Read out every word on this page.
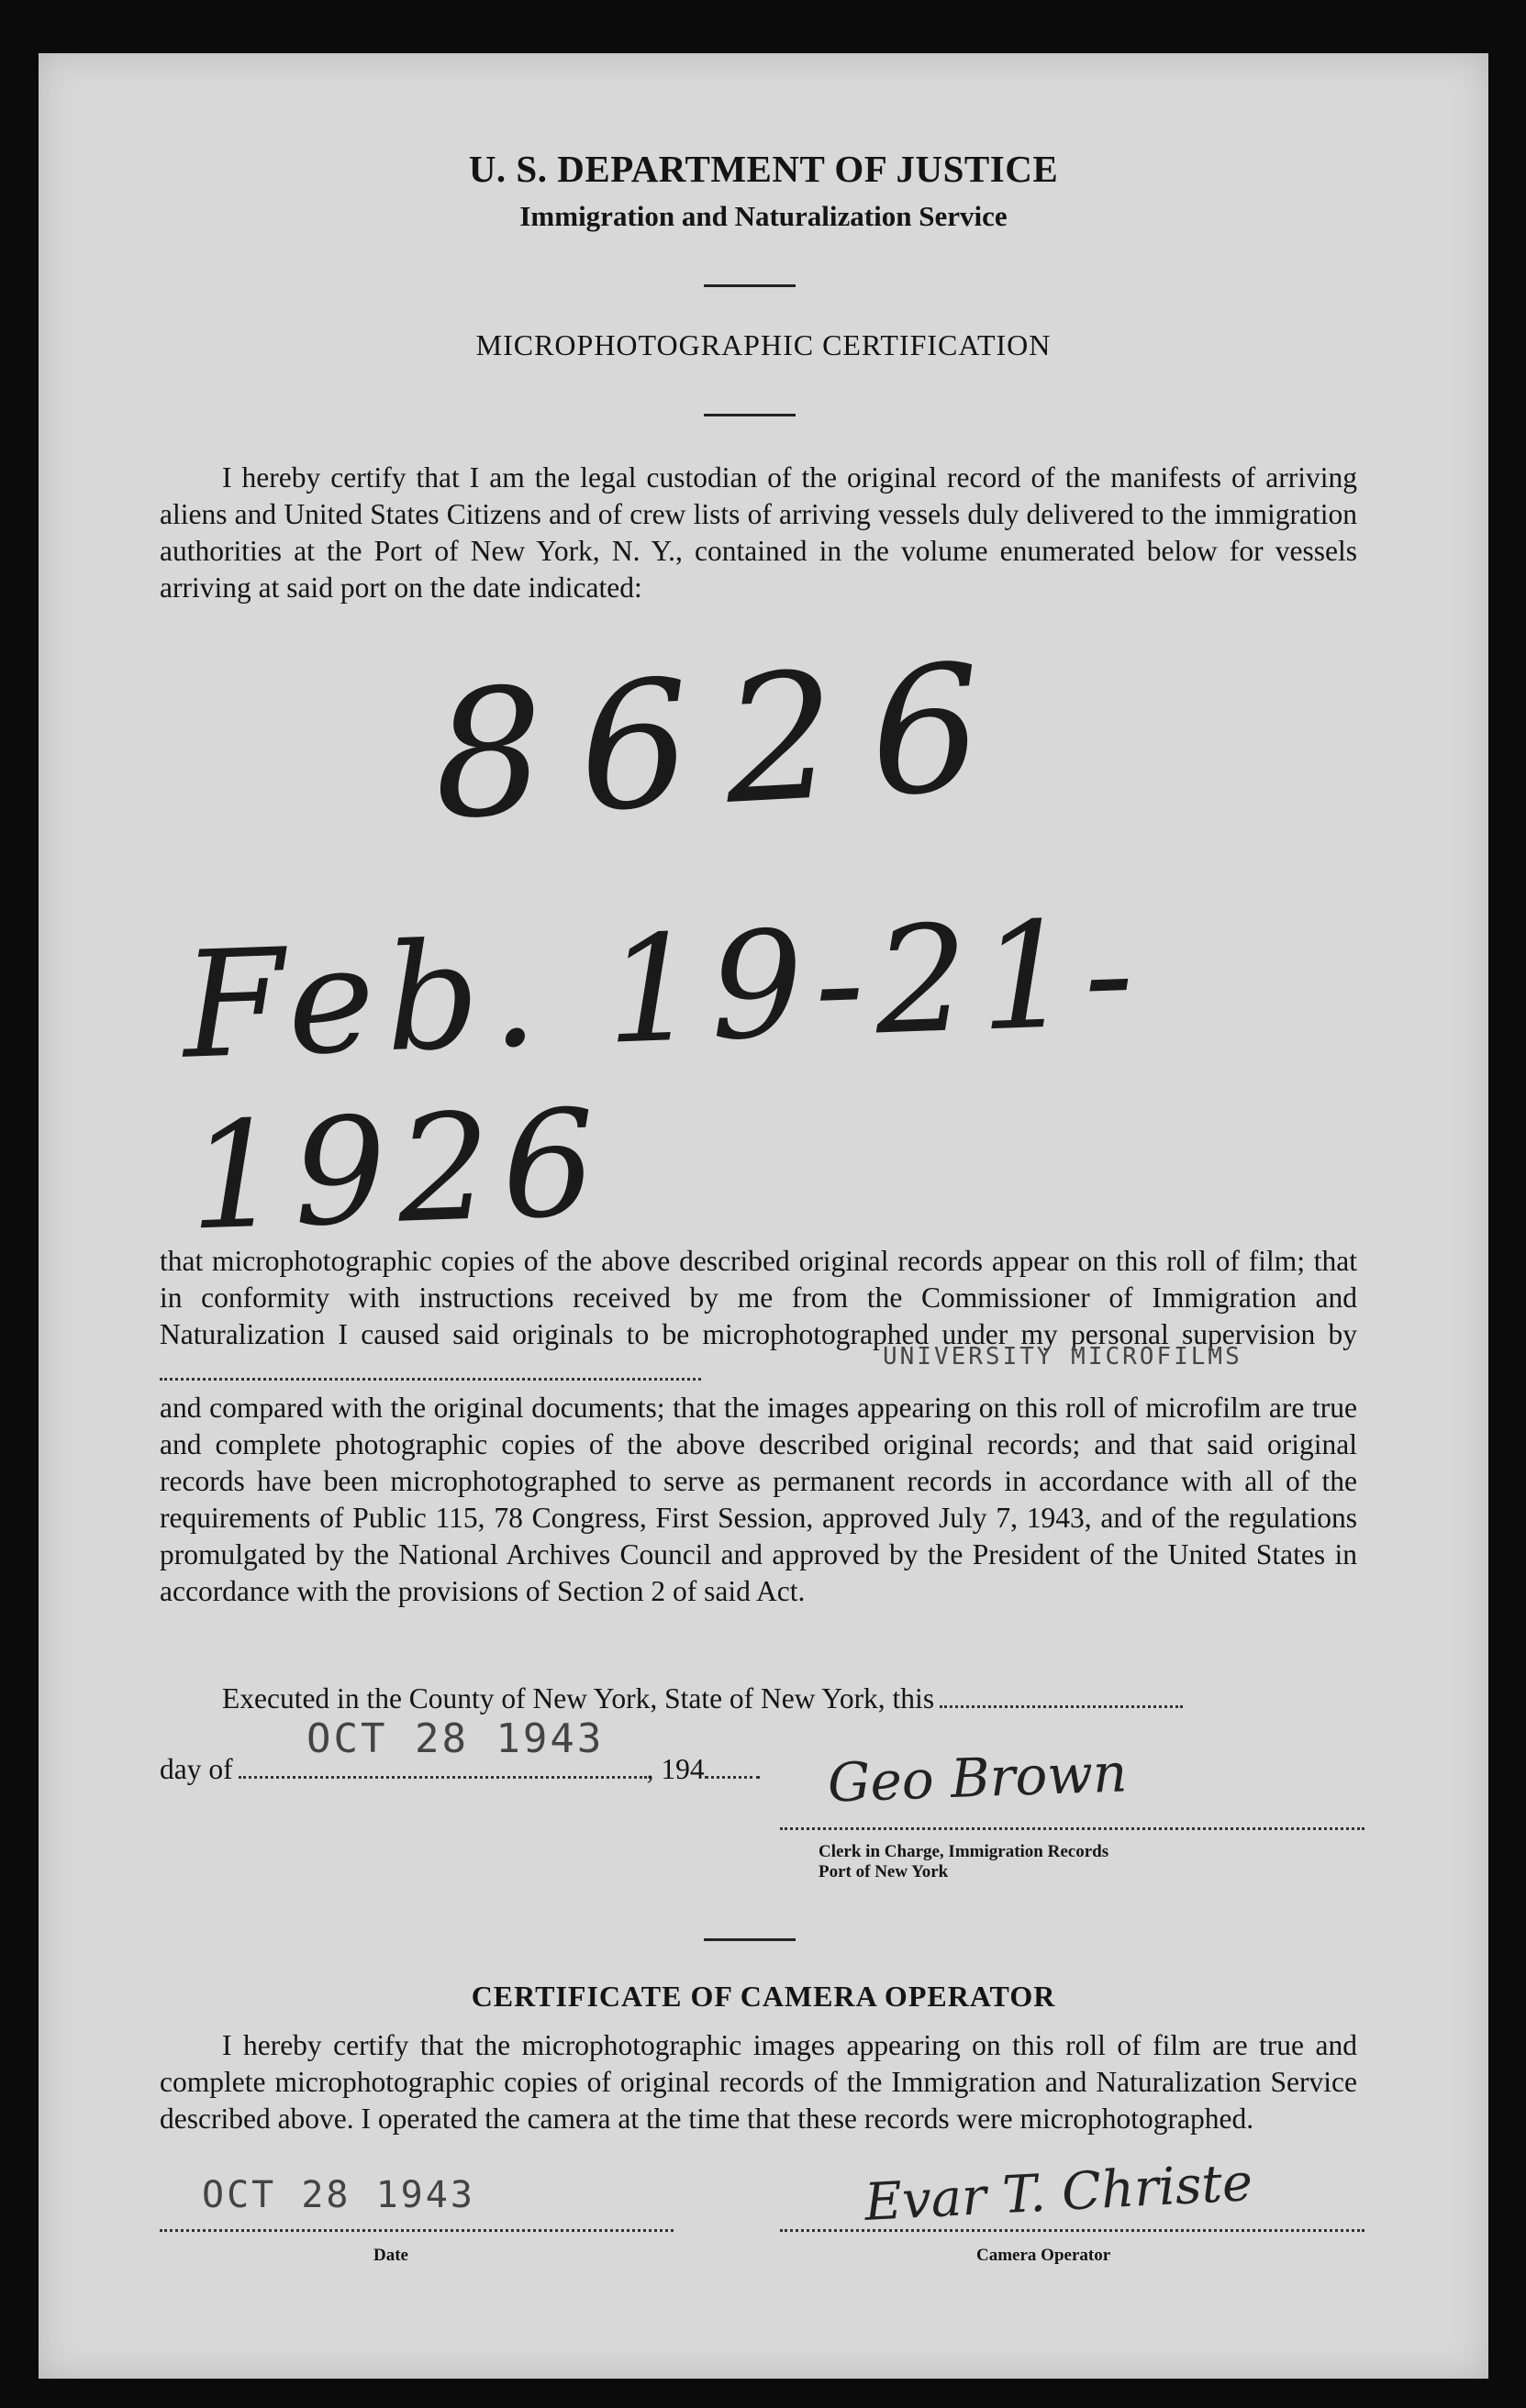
U. S. DEPARTMENT OF JUSTICE
Immigration and Naturalization Service
MICROPHOTOGRAPHIC CERTIFICATION

I hereby certify that I am the legal custodian of the original record of the manifests of arriving aliens and United States Citizens and of crew lists of arriving vessels duly delivered to the immigration authorities at the Port of New York, N. Y., contained in the volume enumerated below for vessels arriving at said port on the date indicated:

8626
Feb. 19-21-1926

that microphotographic copies of the above described original records appear on this roll of film; that in conformity with instructions received by me from the Commissioner of Immigration and Naturalization I caused said originals to be microphotographed under my personal supervision by

and compared with the original documents; that the images appearing on this roll of microfilm are true and complete photographic copies of the above described original records; and that said original records have been microphotographed to serve as permanent records in accordance with all of the requirements of Public 115, 78 Congress, First Session, approved July 7, 1943, and of the regulations promulgated by the National Archives Council and approved by the President of the United States in accordance with the provisions of Section 2 of said Act.

UNIVERSITY MICROFILMS
Executed in the County of New York, State of New York, this
day of	, 194
OCT 28 1943
Geo Brown
Clerk in Charge, Immigration Records
Port of New York
CERTIFICATE OF CAMERA OPERATOR

I hereby certify that the microphotographic images appearing on this roll of film are true and complete microphotographic copies of original records of the Immigration and Naturalization Service described above. I operated the camera at the time that these records were microphotographed.

OCT 28 1943
Date
Evar T. Christe
Camera Operator
